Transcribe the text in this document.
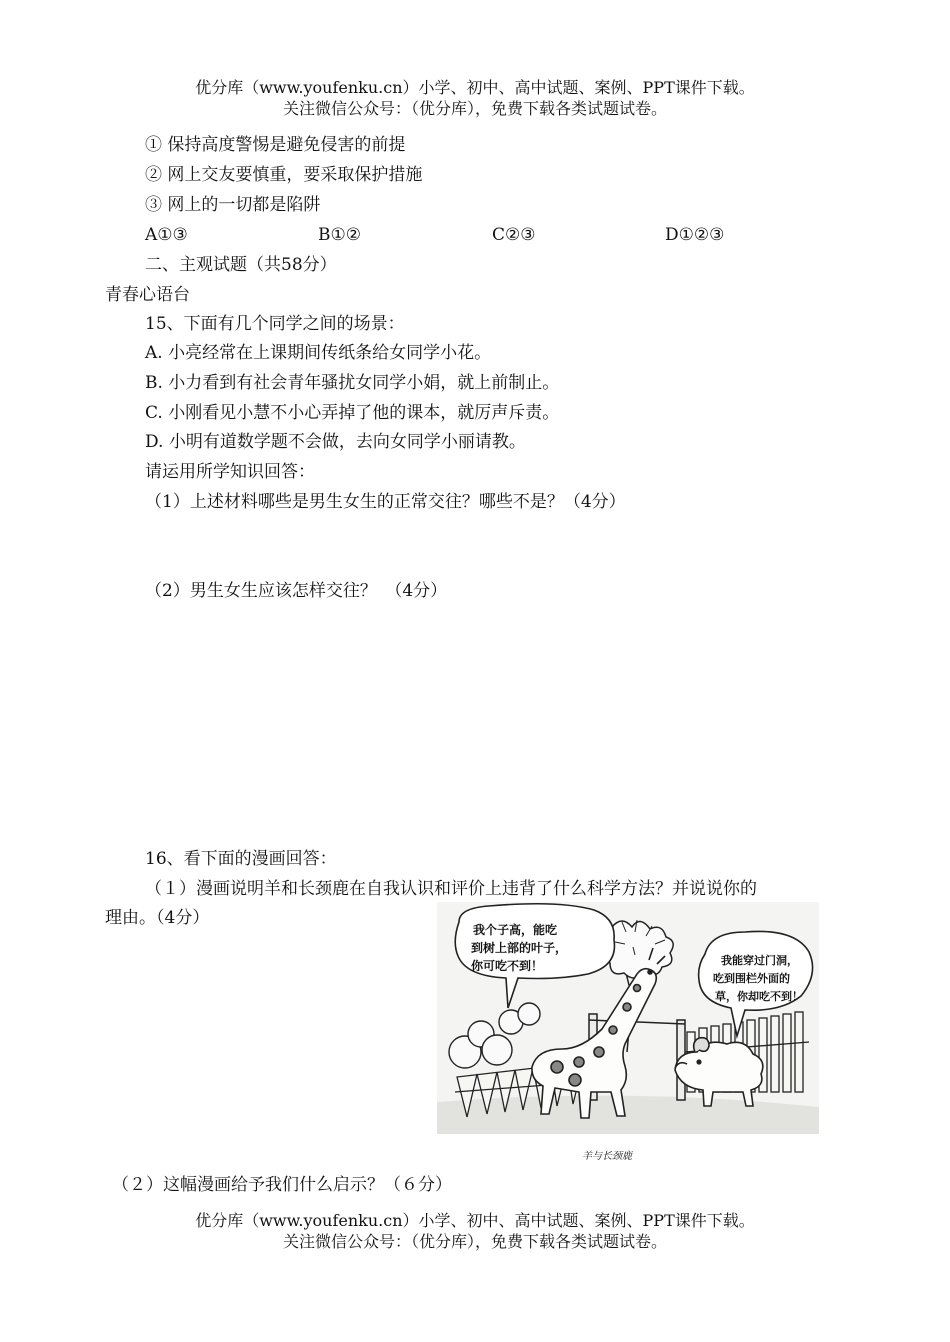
优分库（www.youfenku.cn）小学、初中、高中试题、案例、PPT课件下载。
关注微信公众号：（优分库），免费下载各类试题试卷。
① 保持高度警惕是避免侵害的前提
② 网上交友要慎重，要采取保护措施
③ 网上的一切都是陷阱
A①③	B①②	C②③	D①②③
二、主观试题（共58分）
青春心语台
15、下面有几个同学之间的场景：
A. 小亮经常在上课期间传纸条给女同学小花。
B. 小力看到有社会青年骚扰女同学小娟，就上前制止。
C. 小刚看见小慧不小心弄掉了他的课本，就厉声斥责。
D. 小明有道数学题不会做，去向女同学小丽请教。
请运用所学知识回答：
（1）上述材料哪些是男生女生的正常交往？哪些不是？（4分）
（2）男生女生应该怎样交往？　（4分）
16、看下面的漫画回答：
（１）漫画说明羊和长颈鹿在自我认识和评价上违背了什么科学方法？并说说你的
理由。（4分）
我个子高，能吃
到树上部的叶子，
你可吃不到！	我能穿过门洞，
吃到围栏外面的
草，你却吃不到！
羊与长颈鹿
（２）这幅漫画给予我们什么启示？（６分）
优分库（www.youfenku.cn）小学、初中、高中试题、案例、PPT课件下载。
关注微信公众号：（优分库），免费下载各类试题试卷。
